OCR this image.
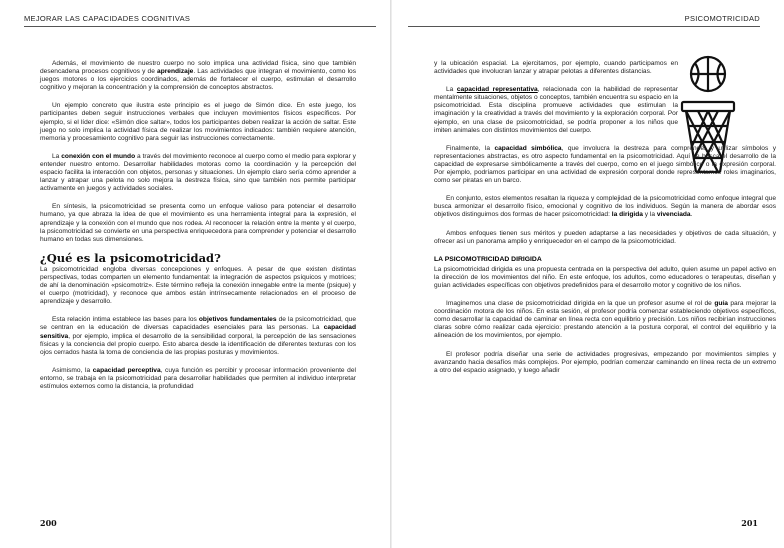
MEJORAR LAS CAPACIDADES COGNITIVAS

Además, el movimiento de nuestro cuerpo no solo implica una actividad física, sino que también desencadena procesos cognitivos y de aprendizaje. Las actividades que integran el movimiento, como los juegos motores o los ejercicios coordinados, además de fortalecer el cuerpo, estimulan el desarrollo cognitivo y mejoran la concentración y la comprensión de conceptos abstractos.

Un ejemplo concreto que ilustra este principio es el juego de Simón dice. En este juego, los participantes deben seguir instrucciones verbales que incluyen movimientos físicos específicos. Por ejemplo, si el líder dice: «Simón dice saltar», todos los participantes deben realizar la acción de saltar. Este juego no solo implica la actividad física de realizar los movimientos indicados: también requiere atención, memoria y procesamiento cognitivo para seguir las instrucciones correctamente.

La conexión con el mundo a través del movimiento reconoce al cuerpo como el medio para explorar y entender nuestro entorno. Desarrollar habilidades motoras como la coordinación y la percepción del espacio facilita la interacción con objetos, personas y situaciones. Un ejemplo claro sería cómo aprender a lanzar y atrapar una pelota no solo mejora la destreza física, sino que también nos permite participar activamente en juegos y actividades sociales.

En síntesis, la psicomotricidad se presenta como un enfoque valioso para potenciar el desarrollo humano, ya que abraza la idea de que el movimiento es una herramienta integral para la expresión, el aprendizaje y la conexión con el mundo que nos rodea. Al reconocer la relación entre la mente y el cuerpo, la psicomotricidad se convierte en una perspectiva enriquecedora para comprender y potenciar el desarrollo humano en todas sus dimensiones.

¿Qué es la psicomotricidad?

La psicomotricidad engloba diversas concepciones y enfoques. A pesar de que existen distintas perspectivas, todas comparten un elemento fundamental: la integración de aspectos psíquicos y motrices; de ahí la denominación «psicomotriz». Este término refleja la conexión innegable entre la mente (psique) y el cuerpo (motricidad), y reconoce que ambos están intrínsecamente relacionados en el proceso de aprendizaje y desarrollo.

Esta relación íntima establece las bases para los objetivos fundamentales de la psicomotricidad, que se centran en la educación de diversas capacidades esenciales para las personas. La capacidad sensitiva, por ejemplo, implica el desarrollo de la sensibilidad corporal, la percepción de las sensaciones físicas y la conciencia del propio cuerpo. Esto abarca desde la identificación de diferentes texturas con los ojos cerrados hasta la toma de conciencia de las propias posturas y movimientos.

Asimismo, la capacidad perceptiva, cuya función es percibir y procesar información proveniente del entorno, se trabaja en la psicomotricidad para desarrollar habilidades que permiten al individuo interpretar estímulos externos como la distancia, la profundidad

200
PSICOMOTRICIDAD

y la ubicación espacial. La ejercitamos, por ejemplo, cuando participamos en actividades que involucran lanzar y atrapar pelotas a diferentes distancias.

La capacidad representativa, relacionada con la habilidad de representar mentalmente situaciones, objetos o conceptos, también encuentra su espacio en la psicomotricidad. Esta disciplina promueve actividades que estimulan la imaginación y la creatividad a través del movimiento y la exploración corporal. Por ejemplo, en una clase de psicomotricidad, se podría proponer a los niños que imiten animales con distintos movimientos del cuerpo.

Finalmente, la capacidad simbólica, que involucra la destreza para comprender y utilizar símbolos y representaciones abstractas, es otro aspecto fundamental en la psicomotricidad. Aquí se busca el desarrollo de la capacidad de expresarse simbólicamente a través del cuerpo, como en el juego simbólico o la expresión corporal. Por ejemplo, podríamos participar en una actividad de expresión corporal donde representamos roles imaginarios, como ser piratas en un barco.

En conjunto, estos elementos resaltan la riqueza y complejidad de la psicomotricidad como enfoque integral que busca armonizar el desarrollo físico, emocional y cognitivo de los individuos. Según la manera de abordar esos objetivos distinguimos dos formas de hacer psicomotricidad: la dirigida y la vivenciada.

Ambos enfoques tienen sus méritos y pueden adaptarse a las necesidades y objetivos de cada situación, y ofrecer así un panorama amplio y enriquecedor en el campo de la psicomotricidad.

LA PSICOMOTRICIDAD DIRIGIDA

La psicomotricidad dirigida es una propuesta centrada en la perspectiva del adulto, quien asume un papel activo en la dirección de los movimientos del niño. En este enfoque, los adultos, como educadores o terapeutas, diseñan y guían actividades específicas con objetivos predefinidos para el desarrollo motor y cognitivo de los niños.

Imaginemos una clase de psicomotricidad dirigida en la que un profesor asume el rol de guía para mejorar la coordinación motora de los niños. En esta sesión, el profesor podría comenzar estableciendo objetivos específicos, como desarrollar la capacidad de caminar en línea recta con equilibrio y precisión. Los niños recibirían instrucciones claras sobre cómo realizar cada ejercicio: prestando atención a la postura corporal, el control del equilibrio y la alineación de los movimientos, por ejemplo.

El profesor podría diseñar una serie de actividades progresivas, empezando por movimientos simples y avanzando hacia desafíos más complejos. Por ejemplo, podrían comenzar caminando en línea recta de un extremo a otro del espacio asignado, y luego añadir

201
